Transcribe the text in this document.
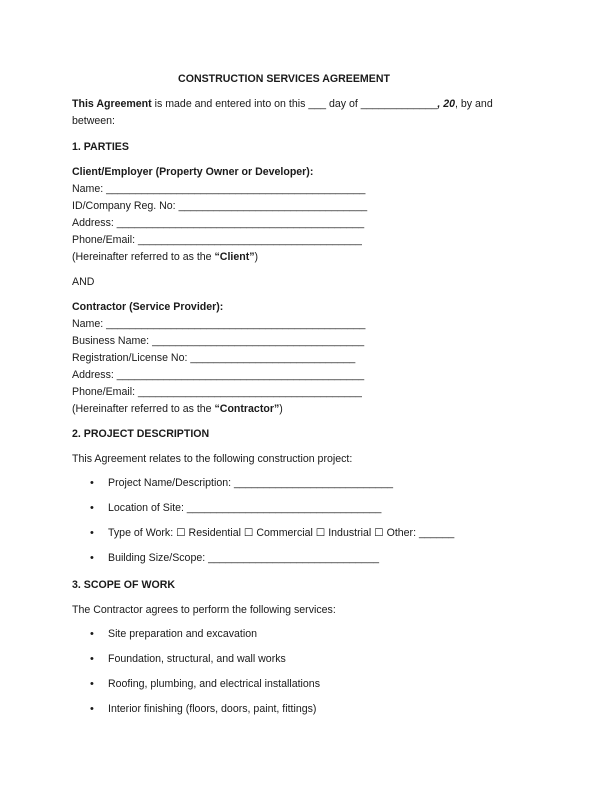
CONSTRUCTION SERVICES AGREEMENT

This Agreement is made and entered into on this ___ day of _____________, 20, by and

between:

1. PARTIES

Client/Employer (Property Owner or Developer):

Name: ____________________________________________

ID/Company Reg. No: ________________________________

Address: __________________________________________

Phone/Email: ______________________________________

(Hereinafter referred to as the “Client”)

AND

Contractor (Service Provider):

Name: ____________________________________________

Business Name: ____________________________________

Registration/License No: ____________________________

Address: __________________________________________

Phone/Email: ______________________________________

(Hereinafter referred to as the “Contractor”)

2. PROJECT DESCRIPTION

This Agreement relates to the following construction project:

• Project Name/Description: ___________________________
• Location of Site: _________________________________
• Type of Work: ☐ Residential ☐ Commercial ☐ Industrial ☐ Other: ______
• Building Size/Scope: _____________________________

3. SCOPE OF WORK

The Contractor agrees to perform the following services:

• Site preparation and excavation
• Foundation, structural, and wall works
• Roofing, plumbing, and electrical installations
• Interior finishing (floors, doors, paint, fittings)
